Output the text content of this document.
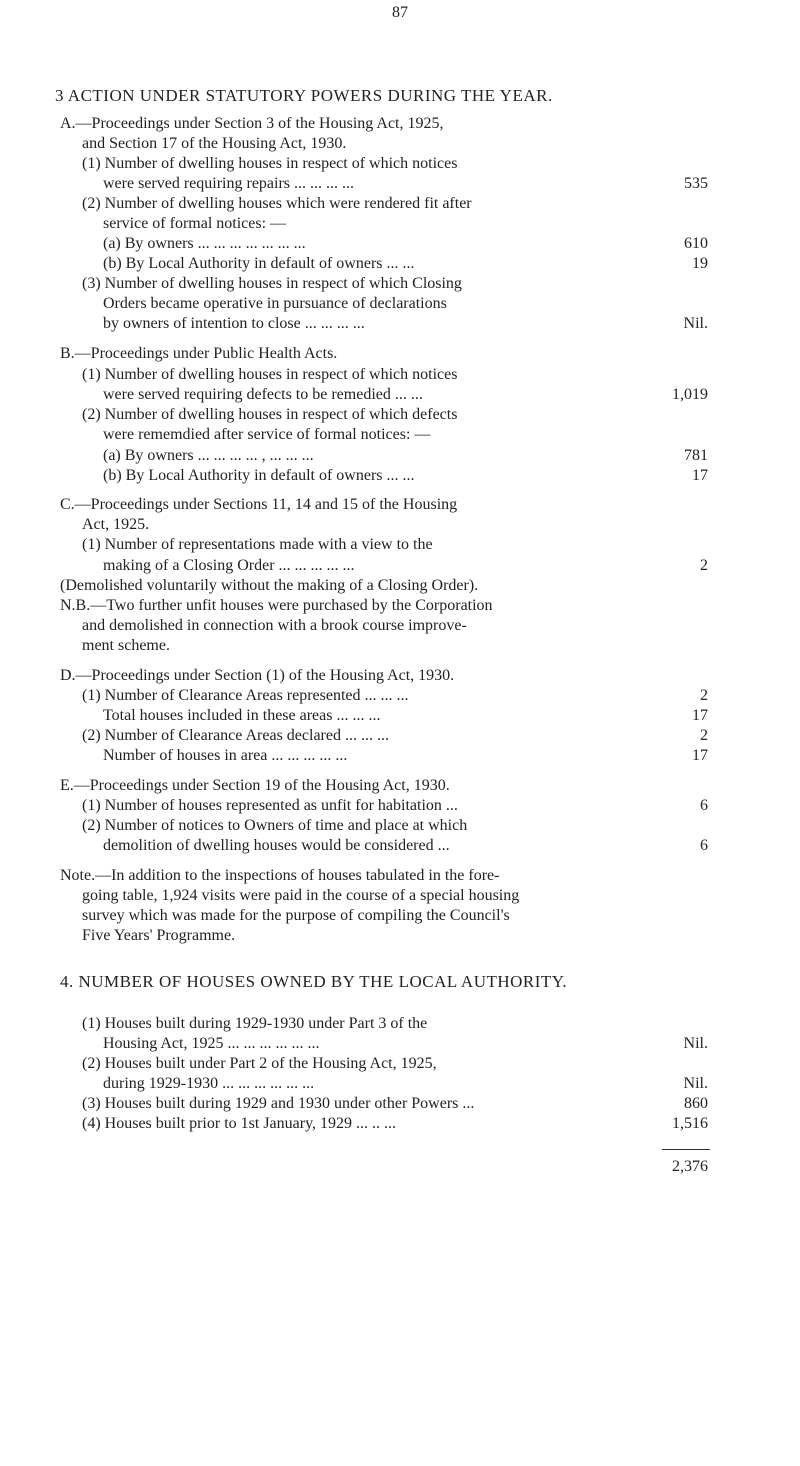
87
3 ACTION UNDER STATUTORY POWERS DURING THE YEAR.
A.—Proceedings under Section 3 of the Housing Act, 1925,
and Section 17 of the Housing Act, 1930.
(1) Number of dwelling houses in respect of which notices
were served requiring repairs ... ... ... ...	535
(2) Number of dwelling houses which were rendered fit after
service of formal notices: —
(a) By owners ... ... ... ... ... ... ...	610
(b) By Local Authority in default of owners ... ...	19
(3) Number of dwelling houses in respect of which Closing
Orders became operative in pursuance of declarations
by owners of intention to close ... ... ... ...	Nil.
B.—Proceedings under Public Health Acts.
(1) Number of dwelling houses in respect of which notices
were served requiring defects to be remedied ... ...	1,019
(2) Number of dwelling houses in respect of which defects
were rememdied after service of formal notices: —
(a) By owners ... ... ... ... , ... ... ...	781
(b) By Local Authority in default of owners ... ...	17
C.—Proceedings under Sections 11, 14 and 15 of the Housing
Act, 1925.
(1) Number of representations made with a view to the
making of a Closing Order ... ... ... ... ...	2
(Demolished voluntarily without the making of a Closing Order).
N.B.—Two further unfit houses were purchased by the Corporation
and demolished in connection with a brook course improve-
ment scheme.
D.—Proceedings under Section (1) of the Housing Act, 1930.
(1) Number of Clearance Areas represented ... ... ...	2
Total houses included in these areas ... ... ...	17
(2) Number of Clearance Areas declared ... ... ...	2
Number of houses in area ... ... ... ... ...	17
E.—Proceedings under Section 19 of the Housing Act, 1930.
(1) Number of houses represented as unfit for habitation ...	6
(2) Number of notices to Owners of time and place at which
demolition of dwelling houses would be considered ...	6
Note.—In addition to the inspections of houses tabulated in the fore-
going table, 1,924 visits were paid in the course of a special housing
survey which was made for the purpose of compiling the Council's
Five Years' Programme.
4. NUMBER OF HOUSES OWNED BY THE LOCAL AUTHORITY.
(1) Houses built during 1929-1930 under Part 3 of the
Housing Act, 1925 ... ... ... ... ... ...	Nil.
(2) Houses built under Part 2 of the Housing Act, 1925,
during 1929-1930 ... ... ... ... ... ...	Nil.
(3) Houses built during 1929 and 1930 under other Powers ...	860
(4) Houses built prior to 1st January, 1929 ... .. ...	1,516
2,376
